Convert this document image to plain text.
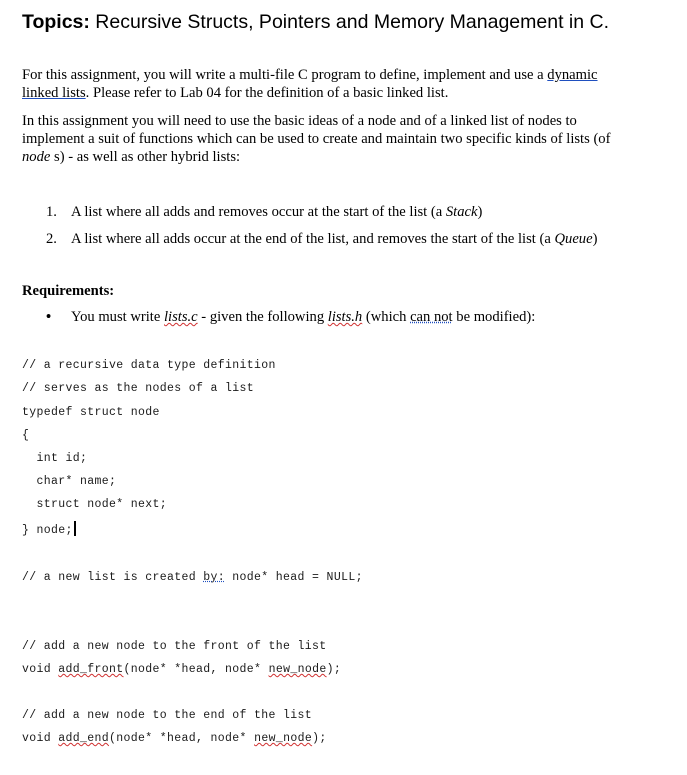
Topics: Recursive Structs, Pointers and Memory Management in C.
For this assignment, you will write a multi-file C program to define, implement and use a dynamic
linked lists. Please refer to Lab 04 for the definition of a basic linked list.
In this assignment you will need to use the basic ideas of a node and of a linked list of nodes to
implement a suit of functions which can be used to create and maintain two specific kinds of lists (of
node s) - as well as other hybrid lists:
1. A list where all adds and removes occur at the start of the list (a Stack)
2. A list where all adds occur at the end of the list, and removes the start of the list (a Queue)
Requirements:
• You must write lists.c - given the following lists.h (which can not be modified):
// a recursive data type definition
// serves as the nodes of a list
typedef struct node
{
int id;
char* name;
struct node* next;
} node;
// a new list is created by: node* head = NULL;
// add a new node to the front of the list
void add_front(node* *head, node* new_node);
// add a new node to the end of the list
void add_end(node* *head, node* new_node);
